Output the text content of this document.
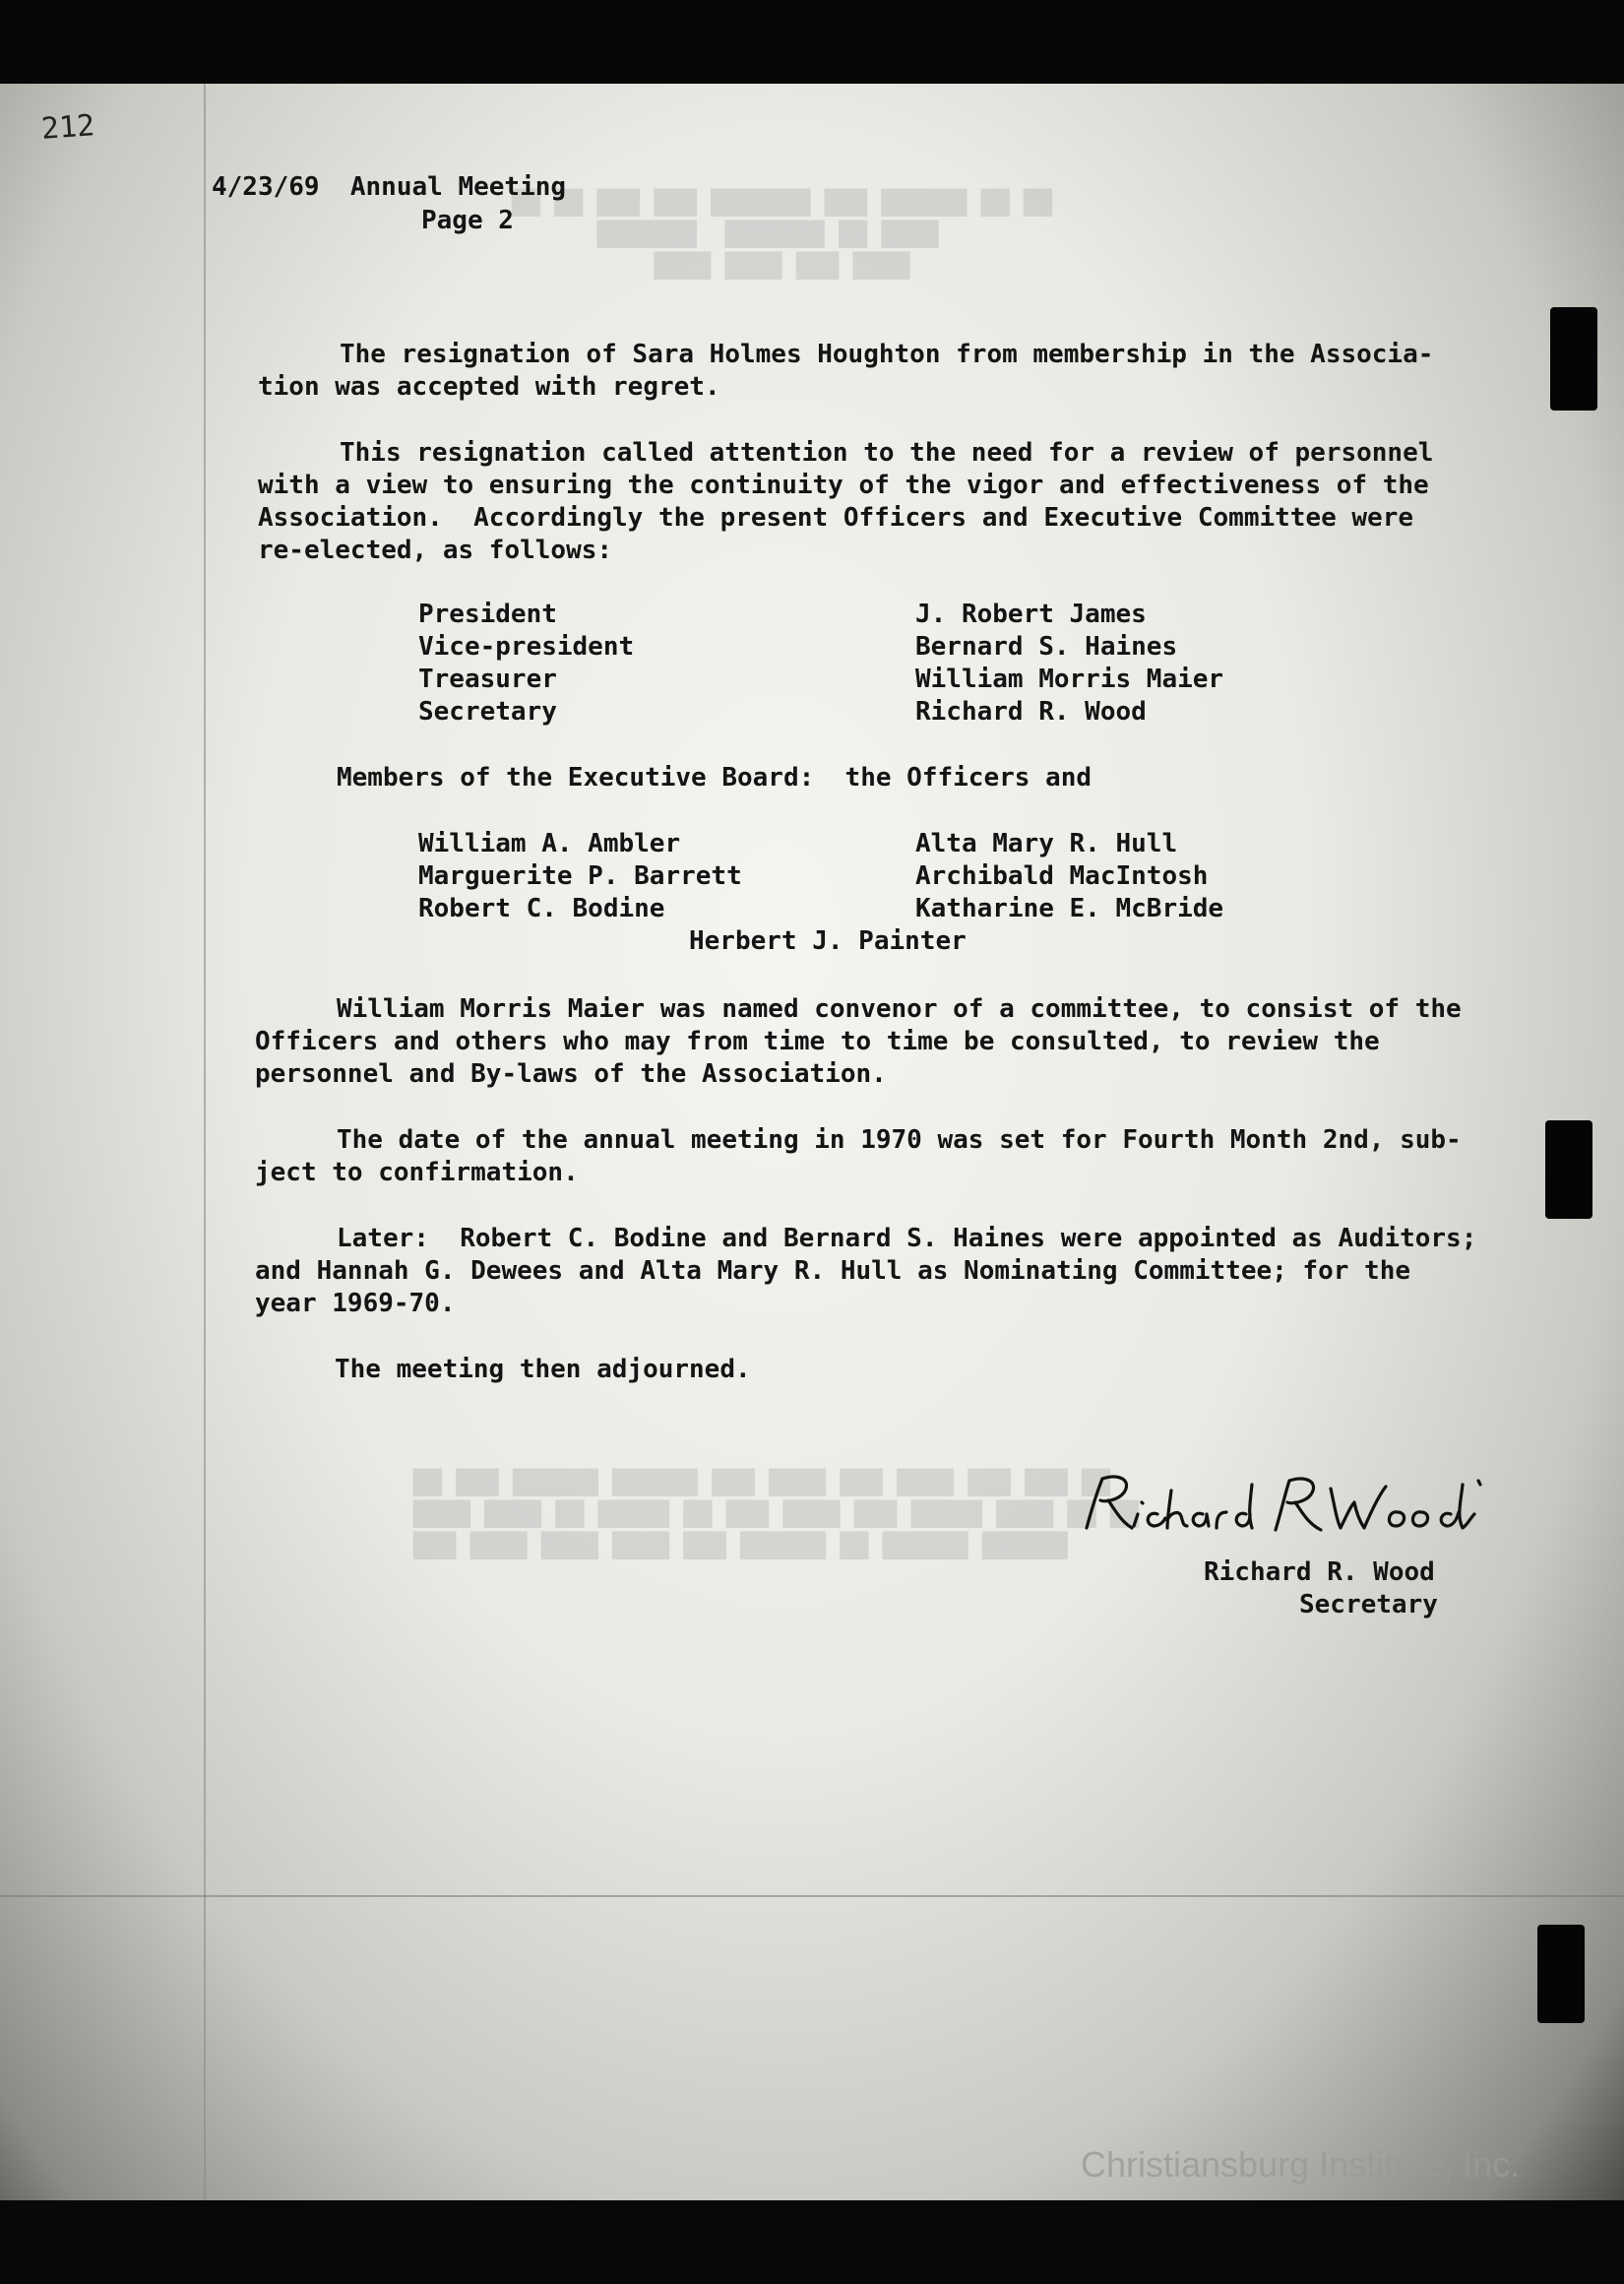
212
██ ██ ███ ███ ███████ ███ ██████ ██ ██
███████  ███████ ██ ████
████ ████ ███ ████
██ ███ ██████ ██████ ███ ████ ███ ████ ███ ███ ██
████ ████ ██ █████ ██ ███ ████ ███ █████ ████ ██ ██
███ ████ ████ ████ ███ ██████ ██ ██████ ██████
4/23/69  Annual Meeting
Page 2
The resignation of Sara Holmes Houghton from membership in the Associa-
tion was accepted with regret.
This resignation called attention to the need for a review of personnel
with a view to ensuring the continuity of the vigor and effectiveness of the
Association.  Accordingly the present Officers and Executive Committee were
re-elected, as follows:
President	J. Robert James
Vice-president	Bernard S. Haines
Treasurer	William Morris Maier
Secretary	Richard R. Wood
Members of the Executive Board:  the Officers and
William A. Ambler	Alta Mary R. Hull
Marguerite P. Barrett	Archibald MacIntosh
Robert C. Bodine	Katharine E. McBride
Herbert J. Painter
William Morris Maier was named convenor of a committee, to consist of the
Officers and others who may from time to time be consulted, to review the
personnel and By-laws of the Association.
The date of the annual meeting in 1970 was set for Fourth Month 2nd, sub-
ject to confirmation.
Later:  Robert C. Bodine and Bernard S. Haines were appointed as Auditors;
and Hannah G. Dewees and Alta Mary R. Hull as Nominating Committee; for the
year 1969-70.
The meeting then adjourned.
Richard R. Wood
Secretary
Christiansburg Institute, Inc.
